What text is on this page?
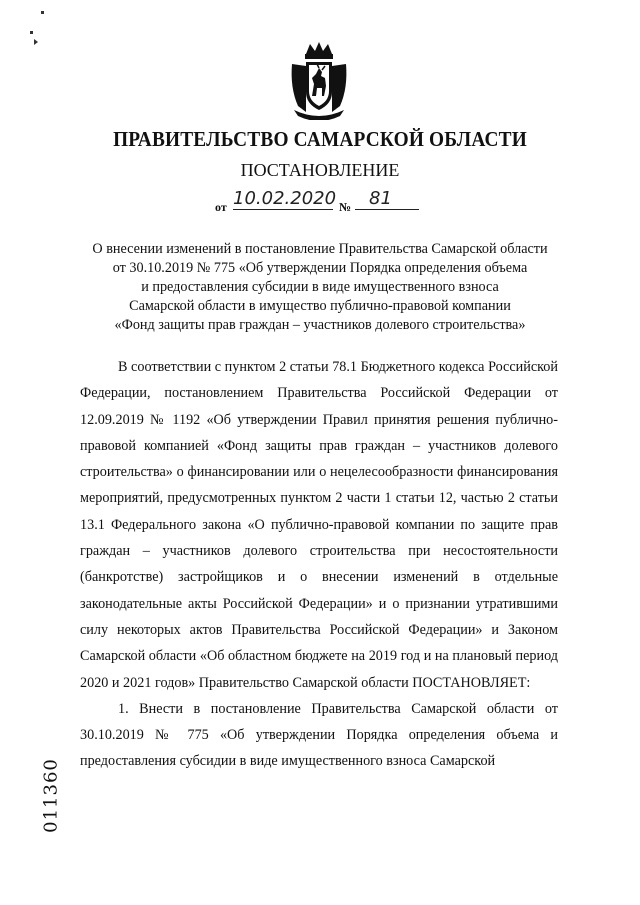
ПРАВИТЕЛЬСТВО САМАРСКОЙ ОБЛАСТИ
ПОСТАНОВЛЕНИЕ
от 10.02.2020 № 81
О внесении изменений в постановление Правительства Самарской области
от 30.10.2019 № 775 «Об утверждении Порядка определения объема
и предоставления субсидии в виде имущественного взноса
Самарской области в имущество публично-правовой компании
«Фонд защиты прав граждан – участников долевого строительства»

В соответствии с пунктом 2 статьи 78.1 Бюджетного кодекса Российской Федерации, постановлением Правительства Российской Федерации от 12.09.2019 № 1192 «Об утверждении Правил принятия решения публично-правовой компанией «Фонд защиты прав граждан – участников долевого строительства» о финансировании или о нецелесообразности финансирования мероприятий, предусмотренных пунктом 2 части 1 статьи 12, частью 2 статьи 13.1 Федерального закона «О публично-правовой компании по защите прав граждан – участников долевого строительства при несостоятельности (банкротстве) застройщиков и о внесении изменений в отдельные законодательные акты Российской Федерации» и о признании утратившими силу некоторых актов Правительства Российской Федерации» и Законом Самарской области «Об областном бюджете на 2019 год и на плановый период 2020 и 2021 годов» Правительство Самарской области ПОСТАНОВЛЯЕТ:

1. Внести в постановление Правительства Самарской области от 30.10.2019 № 775 «Об утверждении Порядка определения объема и предоставления субсидии в виде имущественного взноса Самарской

011360
